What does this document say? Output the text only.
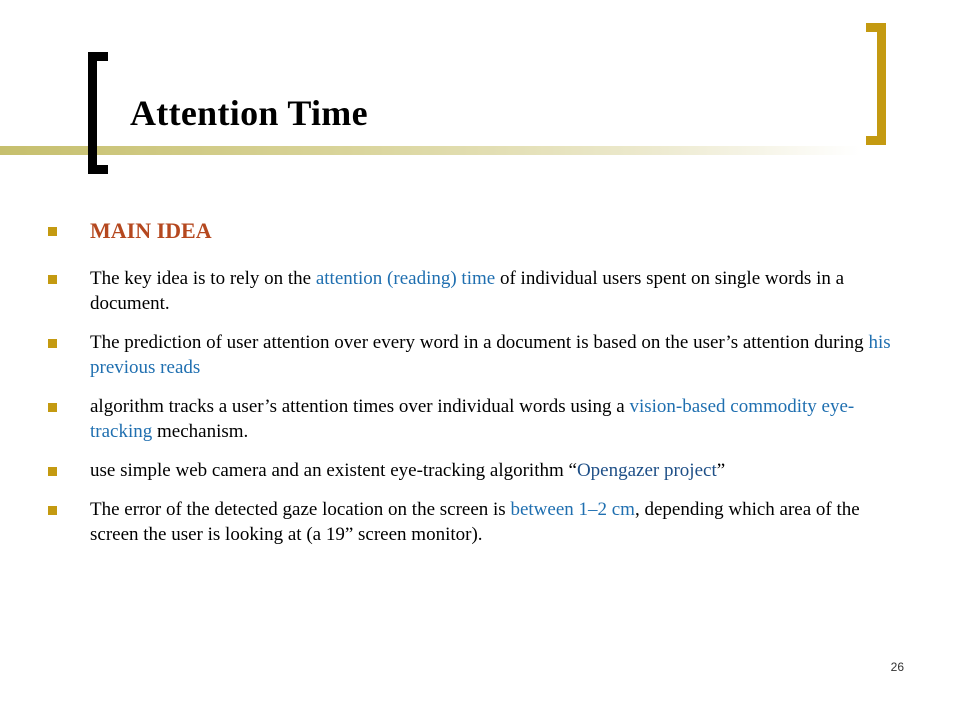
Attention Time
MAIN IDEA
The key idea is to rely on the attention (reading) time of individual users spent on single words in a document.
The prediction of user attention over every word in a document is based on the user’s attention during his previous reads
algorithm tracks a user’s attention times over individual words using a vision-based commodity eye-tracking mechanism.
use simple web camera and an existent eye-tracking algorithm “Opengazer project”
The error of the detected gaze location on the screen is between 1–2 cm, depending which area of the screen the user is looking at (a 19” screen monitor).
26
